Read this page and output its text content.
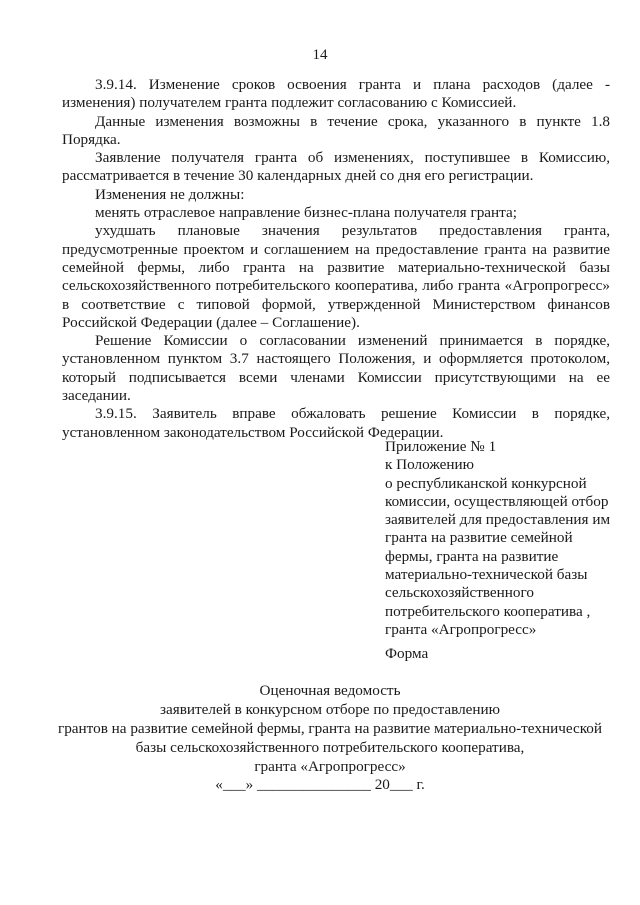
14

3.9.14. Изменение сроков освоения гранта и плана расходов (далее - изменения) получателем гранта подлежит согласованию с Комиссией.

Данные изменения возможны в течение срока, указанного в пункте 1.8 Порядка.

Заявление получателя гранта об изменениях, поступившее в Комиссию, рассматривается в течение 30 календарных дней со дня его регистрации.

Изменения не должны:

менять отраслевое направление бизнес-плана получателя гранта;

ухудшать плановые значения результатов предоставления гранта, предусмотренные проектом и соглашением на предоставление гранта на развитие семейной фермы, либо гранта на развитие материально-технической базы сельскохозяйственного потребительского кооператива, либо гранта «Агропрогресс» в соответствие с типовой формой, утвержденной Министерством финансов Российской Федерации (далее – Соглашение).

Решение Комиссии о согласовании изменений принимается в порядке, установленном пунктом 3.7 настоящего Положения, и оформляется протоколом, который подписывается всеми членами Комиссии присутствующими на ее заседании.

3.9.15. Заявитель вправе обжаловать решение Комиссии в порядке, установленном законодательством Российской Федерации.

Приложение № 1
к Положению
о республиканской конкурсной
комиссии, осуществляющей отбор
заявителей для предоставления им
гранта на развитие семейной
фермы, гранта на развитие
материально-технической базы
сельскохозяйственного
потребительского кооператива ,
гранта «Агропрогресс»
Форма
Оценочная ведомость
заявителей в конкурсном отборе по предоставлению
грантов на развитие семейной фермы, гранта на развитие материально-технической
базы сельскохозяйственного потребительского кооператива,
гранта «Агропрогресс»
«___» _______________ 20___ г.
